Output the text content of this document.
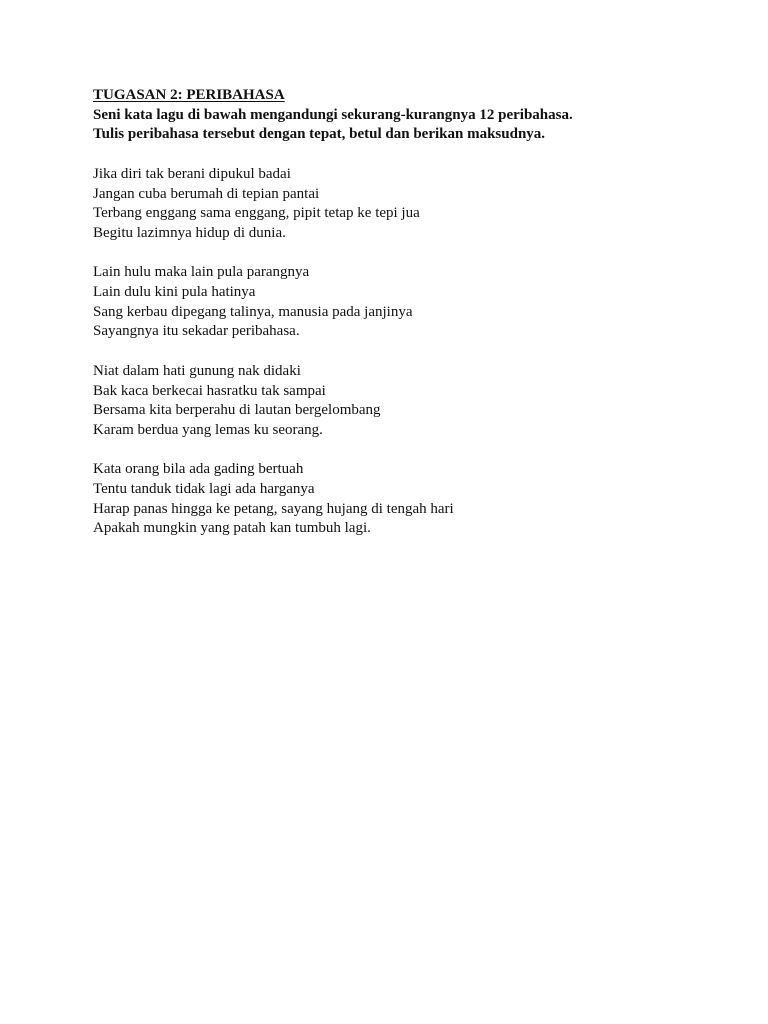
TUGASAN 2: PERIBAHASA
Seni kata lagu di bawah mengandungi sekurang-kurangnya 12 peribahasa.
Tulis peribahasa tersebut dengan tepat, betul dan berikan maksudnya.
Jika diri tak berani dipukul badai
Jangan cuba berumah di tepian pantai
Terbang enggang sama enggang, pipit tetap ke tepi jua
Begitu lazimnya hidup di dunia.
Lain hulu maka lain pula parangnya
Lain dulu kini pula hatinya
Sang kerbau dipegang talinya, manusia pada janjinya
Sayangnya itu sekadar peribahasa.
Niat dalam hati gunung nak didaki
Bak kaca berkecai hasratku tak sampai
Bersama kita berperahu di lautan bergelombang
Karam berdua yang lemas ku seorang.
Kata orang bila ada gading bertuah
Tentu tanduk tidak lagi ada harganya
Harap panas hingga ke petang, sayang hujang di tengah hari
Apakah mungkin yang patah kan tumbuh lagi.
